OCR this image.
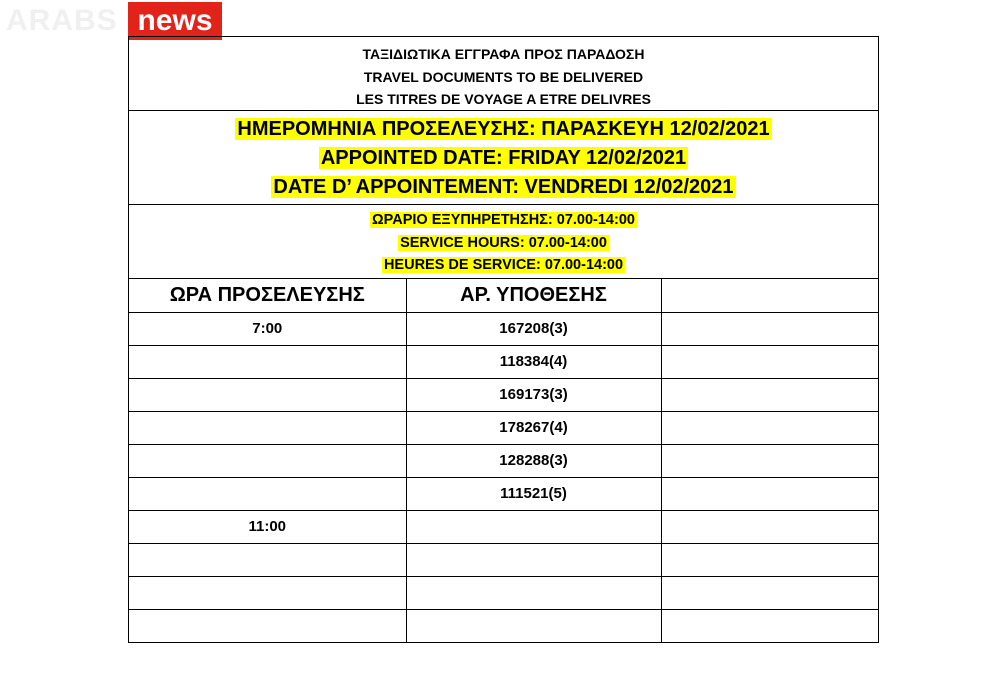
ARABS news
ΤΑΞΙΔΙΩΤΙΚΑ ΕΓΓΡΑΦΑ ΠΡΟΣ ΠΑΡΑΔΟΣΗ
TRAVEL DOCUMENTS TO BE DELIVERED
LES TITRES DE VOYAGE A ETRE DELIVRES
ΗΜΕΡΟΜΗΝΙΑ ΠΡΟΣΕΛΕΥΣΗΣ: ΠΑΡΑΣΚΕΥΗ 12/02/2021
APPOINTED DATE: FRIDAY 12/02/2021
DATE D’ APPOINTEMENT: VENDREDI 12/02/2021
ΩΡΑΡΙΟ ΕΞΥΠΗΡΕΤΗΣΗΣ: 07.00-14:00
SERVICE HOURS: 07.00-14:00
HEURES DE SERVICE: 07.00-14:00
ΩΡΑ ΠΡΟΣΕΛΕΥΣΗΣ	ΑΡ. ΥΠΟΘΕΣΗΣ	
7:00	167208(3)	
	118384(4)	
	169173(3)	
	178267(4)	
	128288(3)	
	111521(5)	
11:00		
